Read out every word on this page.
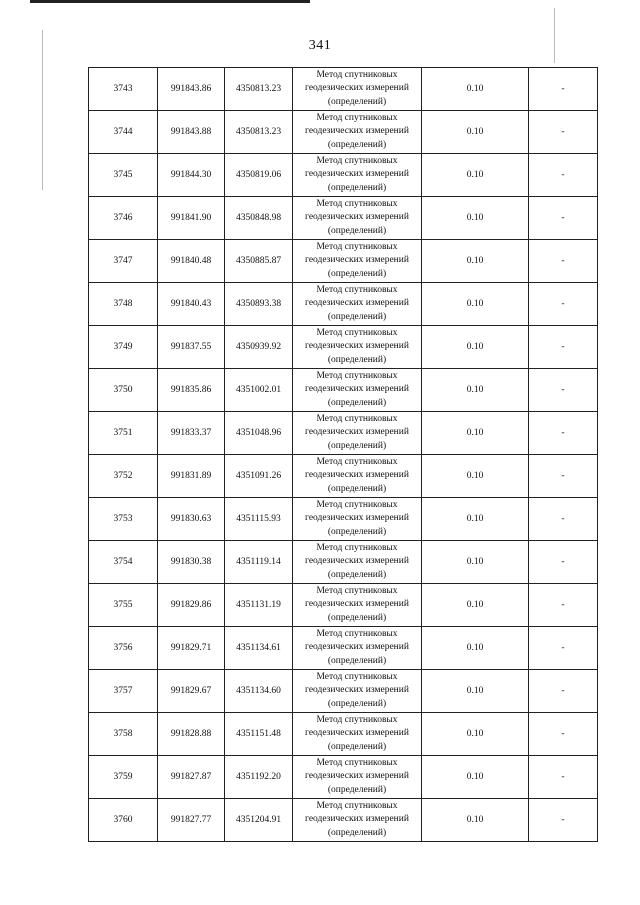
341
3743	991843.86	4350813.23	Метод спутниковых
геодезических измерений
(определений)	0.10	-
3744	991843.88	4350813.23	Метод спутниковых
геодезических измерений
(определений)	0.10	-
3745	991844.30	4350819.06	Метод спутниковых
геодезических измерений
(определений)	0.10	-
3746	991841.90	4350848.98	Метод спутниковых
геодезических измерений
(определений)	0.10	-
3747	991840.48	4350885.87	Метод спутниковых
геодезических измерений
(определений)	0.10	-
3748	991840.43	4350893.38	Метод спутниковых
геодезических измерений
(определений)	0.10	-
3749	991837.55	4350939.92	Метод спутниковых
геодезических измерений
(определений)	0.10	-
3750	991835.86	4351002.01	Метод спутниковых
геодезических измерений
(определений)	0.10	-
3751	991833.37	4351048.96	Метод спутниковых
геодезических измерений
(определений)	0.10	-
3752	991831.89	4351091.26	Метод спутниковых
геодезических измерений
(определений)	0.10	-
3753	991830.63	4351115.93	Метод спутниковых
геодезических измерений
(определений)	0.10	-
3754	991830.38	4351119.14	Метод спутниковых
геодезических измерений
(определений)	0.10	-
3755	991829.86	4351131.19	Метод спутниковых
геодезических измерений
(определений)	0.10	-
3756	991829.71	4351134.61	Метод спутниковых
геодезических измерений
(определений)	0.10	-
3757	991829.67	4351134.60	Метод спутниковых
геодезических измерений
(определений)	0.10	-
3758	991828.88	4351151.48	Метод спутниковых
геодезических измерений
(определений)	0.10	-
3759	991827.87	4351192.20	Метод спутниковых
геодезических измерений
(определений)	0.10	-
3760	991827.77	4351204.91	Метод спутниковых
геодезических измерений
(определений)	0.10	-
